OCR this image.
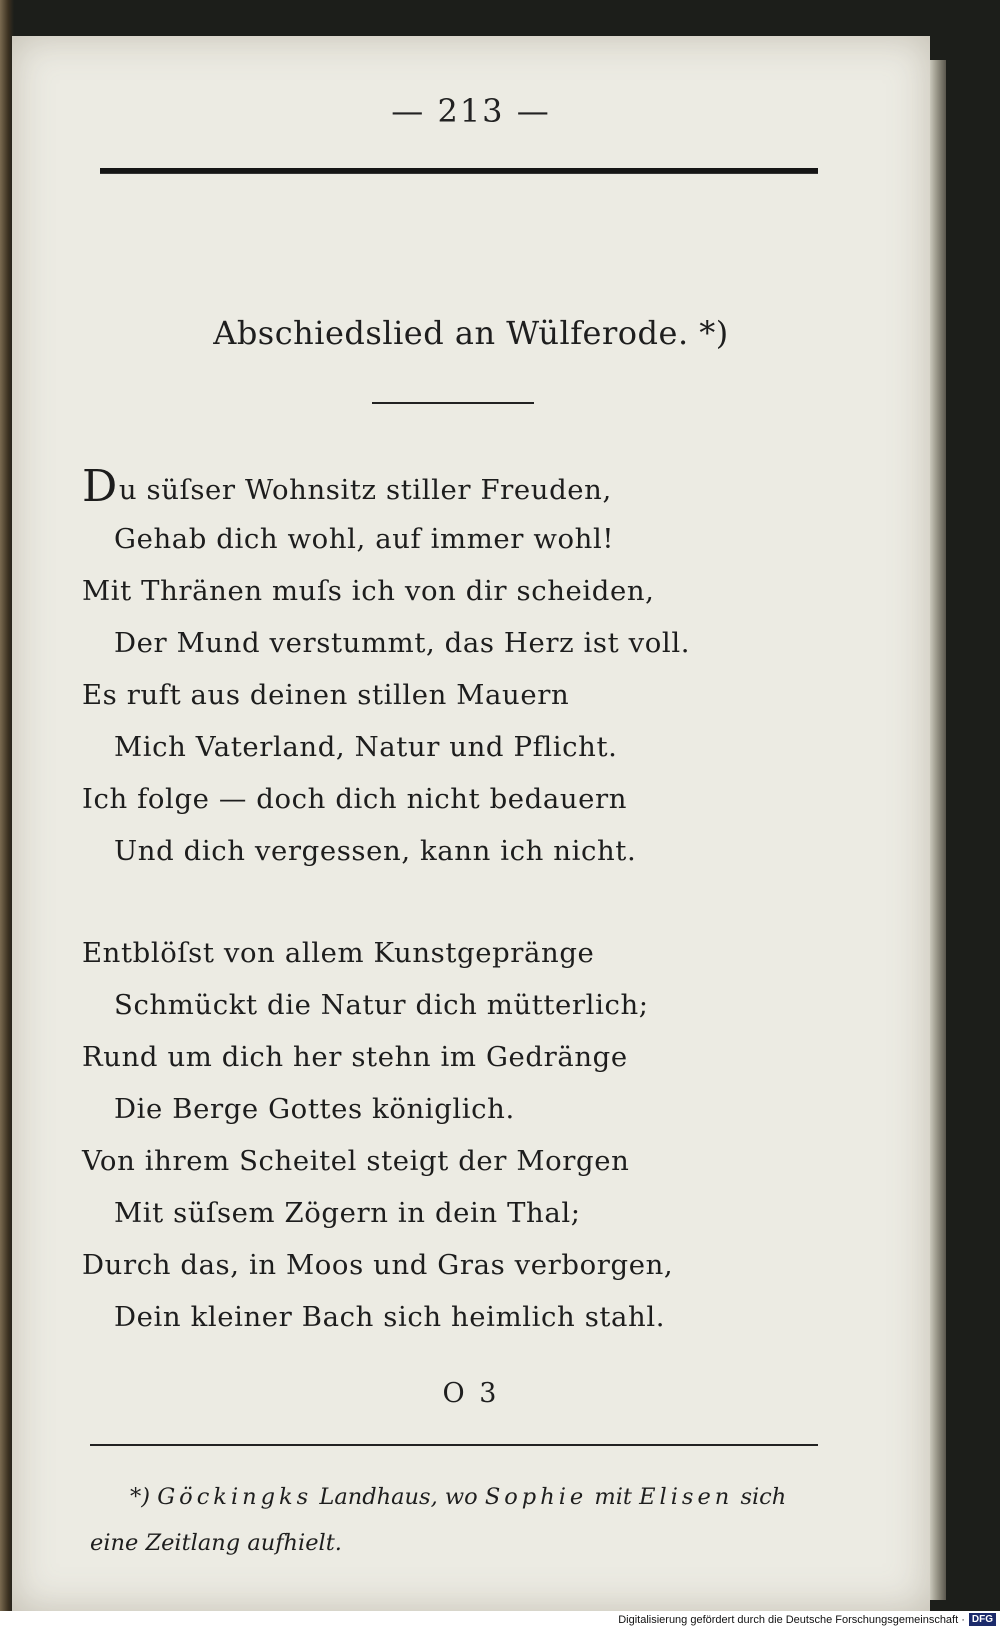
— 213 —
Abschiedslied an Wülferode. *)
Du süſser Wohnsitz stiller Freuden,
Gehab dich wohl, auf immer wohl!
Mit Thränen muſs ich von dir scheiden,
Der Mund verstummt, das Herz ist voll.
Es ruft aus deinen stillen Mauern
Mich Vaterland, Natur und Pflicht.
Ich folge — doch dich nicht bedauern
Und dich vergessen, kann ich nicht.
Entblöſst von allem Kunstgepränge
Schmückt die Natur dich mütterlich;
Rund um dich her stehn im Gedränge
Die Berge Gottes königlich.
Von ihrem Scheitel steigt der Morgen
Mit süſsem Zögern in dein Thal;
Durch das, in Moos und Gras verborgen,
Dein kleiner Bach sich heimlich stahl.
O 3
*) Göckingks Landhaus, wo Sophie mit Elisen sich eine Zeitlang aufhielt.
Digitalisierung gefördert durch die Deutsche Forschungsgemeinschaft · DFG
